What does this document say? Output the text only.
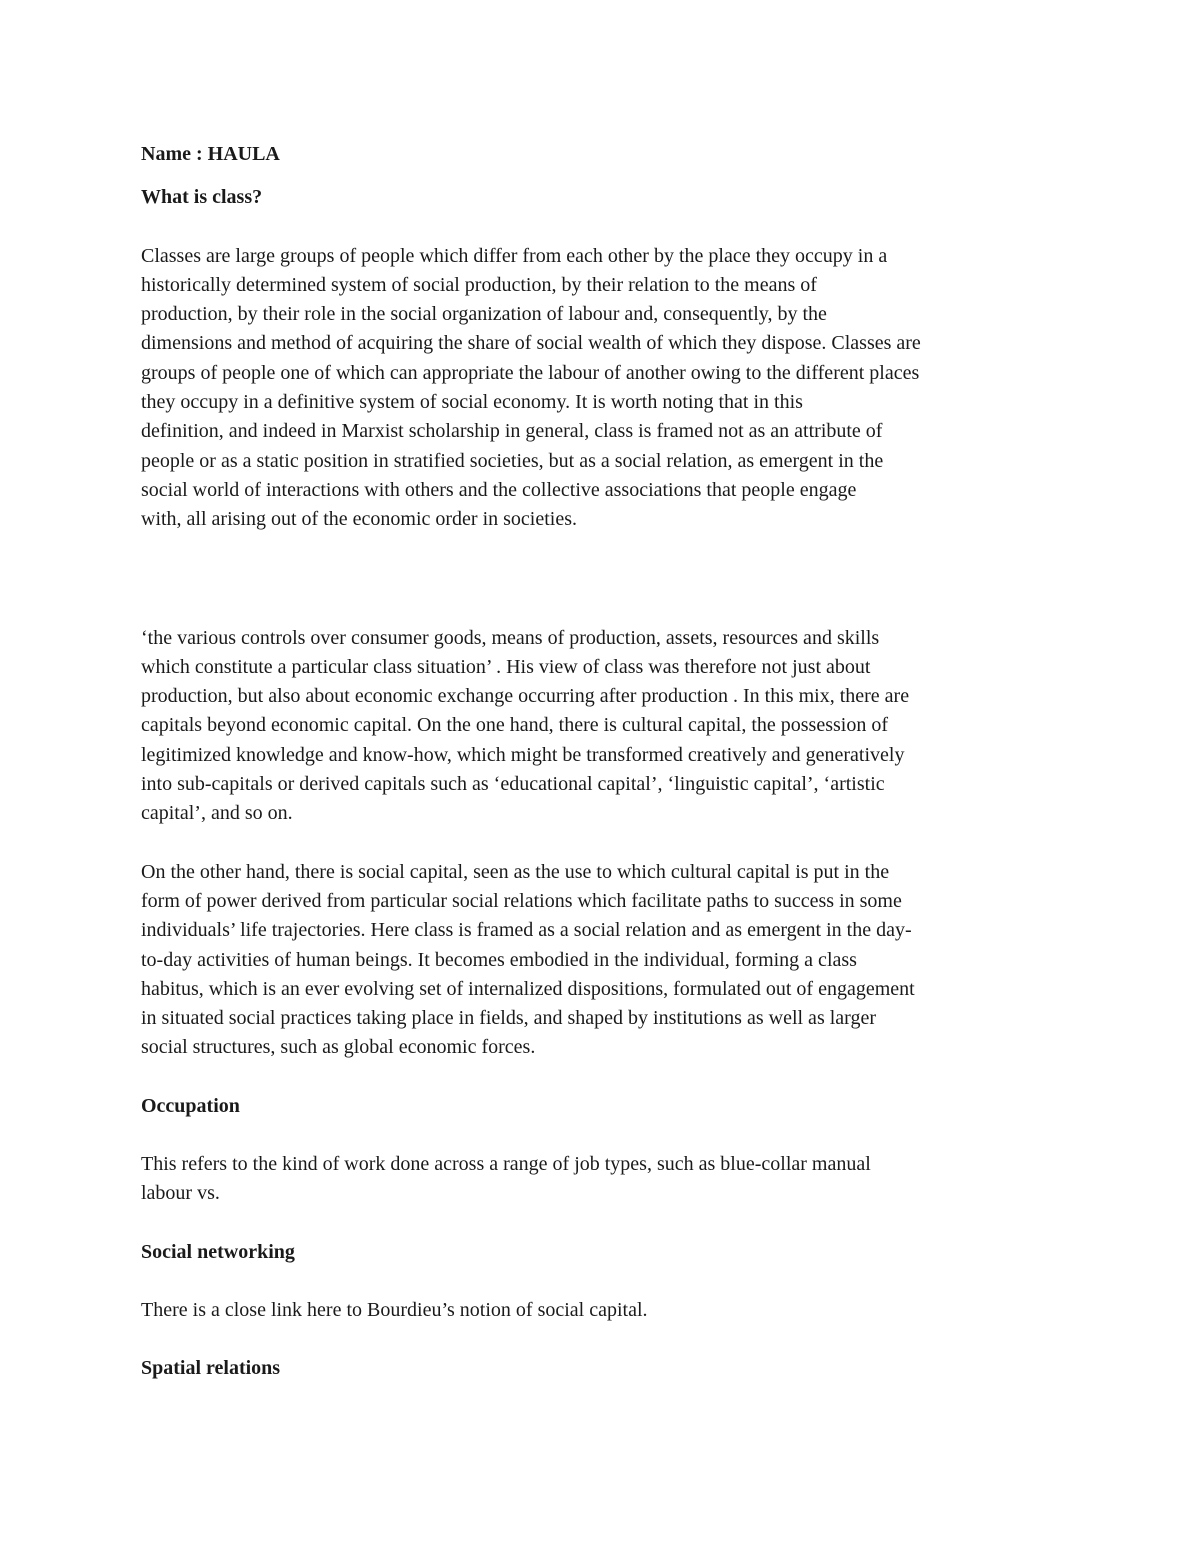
Name : HAULA

What is class?

Classes are large groups of people which differ from each other by the place they occupy in a

historically determined system of social production, by their relation to the means of

production, by their role in the social organization of labour and, consequently, by the

dimensions and method of acquiring the share of social wealth of which they dispose. Classes are

groups of people one of which can appropriate the labour of another owing to the different places

they occupy in a definitive system of social economy. It is worth noting that in this

definition, and indeed in Marxist scholarship in general, class is framed not as an attribute of

people or as a static position in stratified societies, but as a social relation, as emergent in the

social world of interactions with others and the collective associations that people engage

with, all arising out of the economic order in societies.

‘the various controls over consumer goods, means of production, assets, resources and skills

which constitute a particular class situation’ . His view of class was therefore not just about

production, but also about economic exchange occurring after production . In this mix, there are

capitals beyond economic capital. On the one hand, there is cultural capital, the possession of

legitimized knowledge and know-how, which might be transformed creatively and generatively

into sub-capitals or derived capitals such as ‘educational capital’, ‘linguistic capital’, ‘artistic

capital’, and so on.

On the other hand, there is social capital, seen as the use to which cultural capital is put in the

form of power derived from particular social relations which facilitate paths to success in some

individuals’ life trajectories. Here class is framed as a social relation and as emergent in the day-

to-day activities of human beings. It becomes embodied in the individual, forming a class

habitus, which is an ever evolving set of internalized dispositions, formulated out of engagement

in situated social practices taking place in fields, and shaped by institutions as well as larger

social structures, such as global economic forces.

Occupation

This refers to the kind of work done across a range of job types, such as blue-collar manual

labour vs.

Social networking

There is a close link here to Bourdieu’s notion of social capital.

Spatial relations
